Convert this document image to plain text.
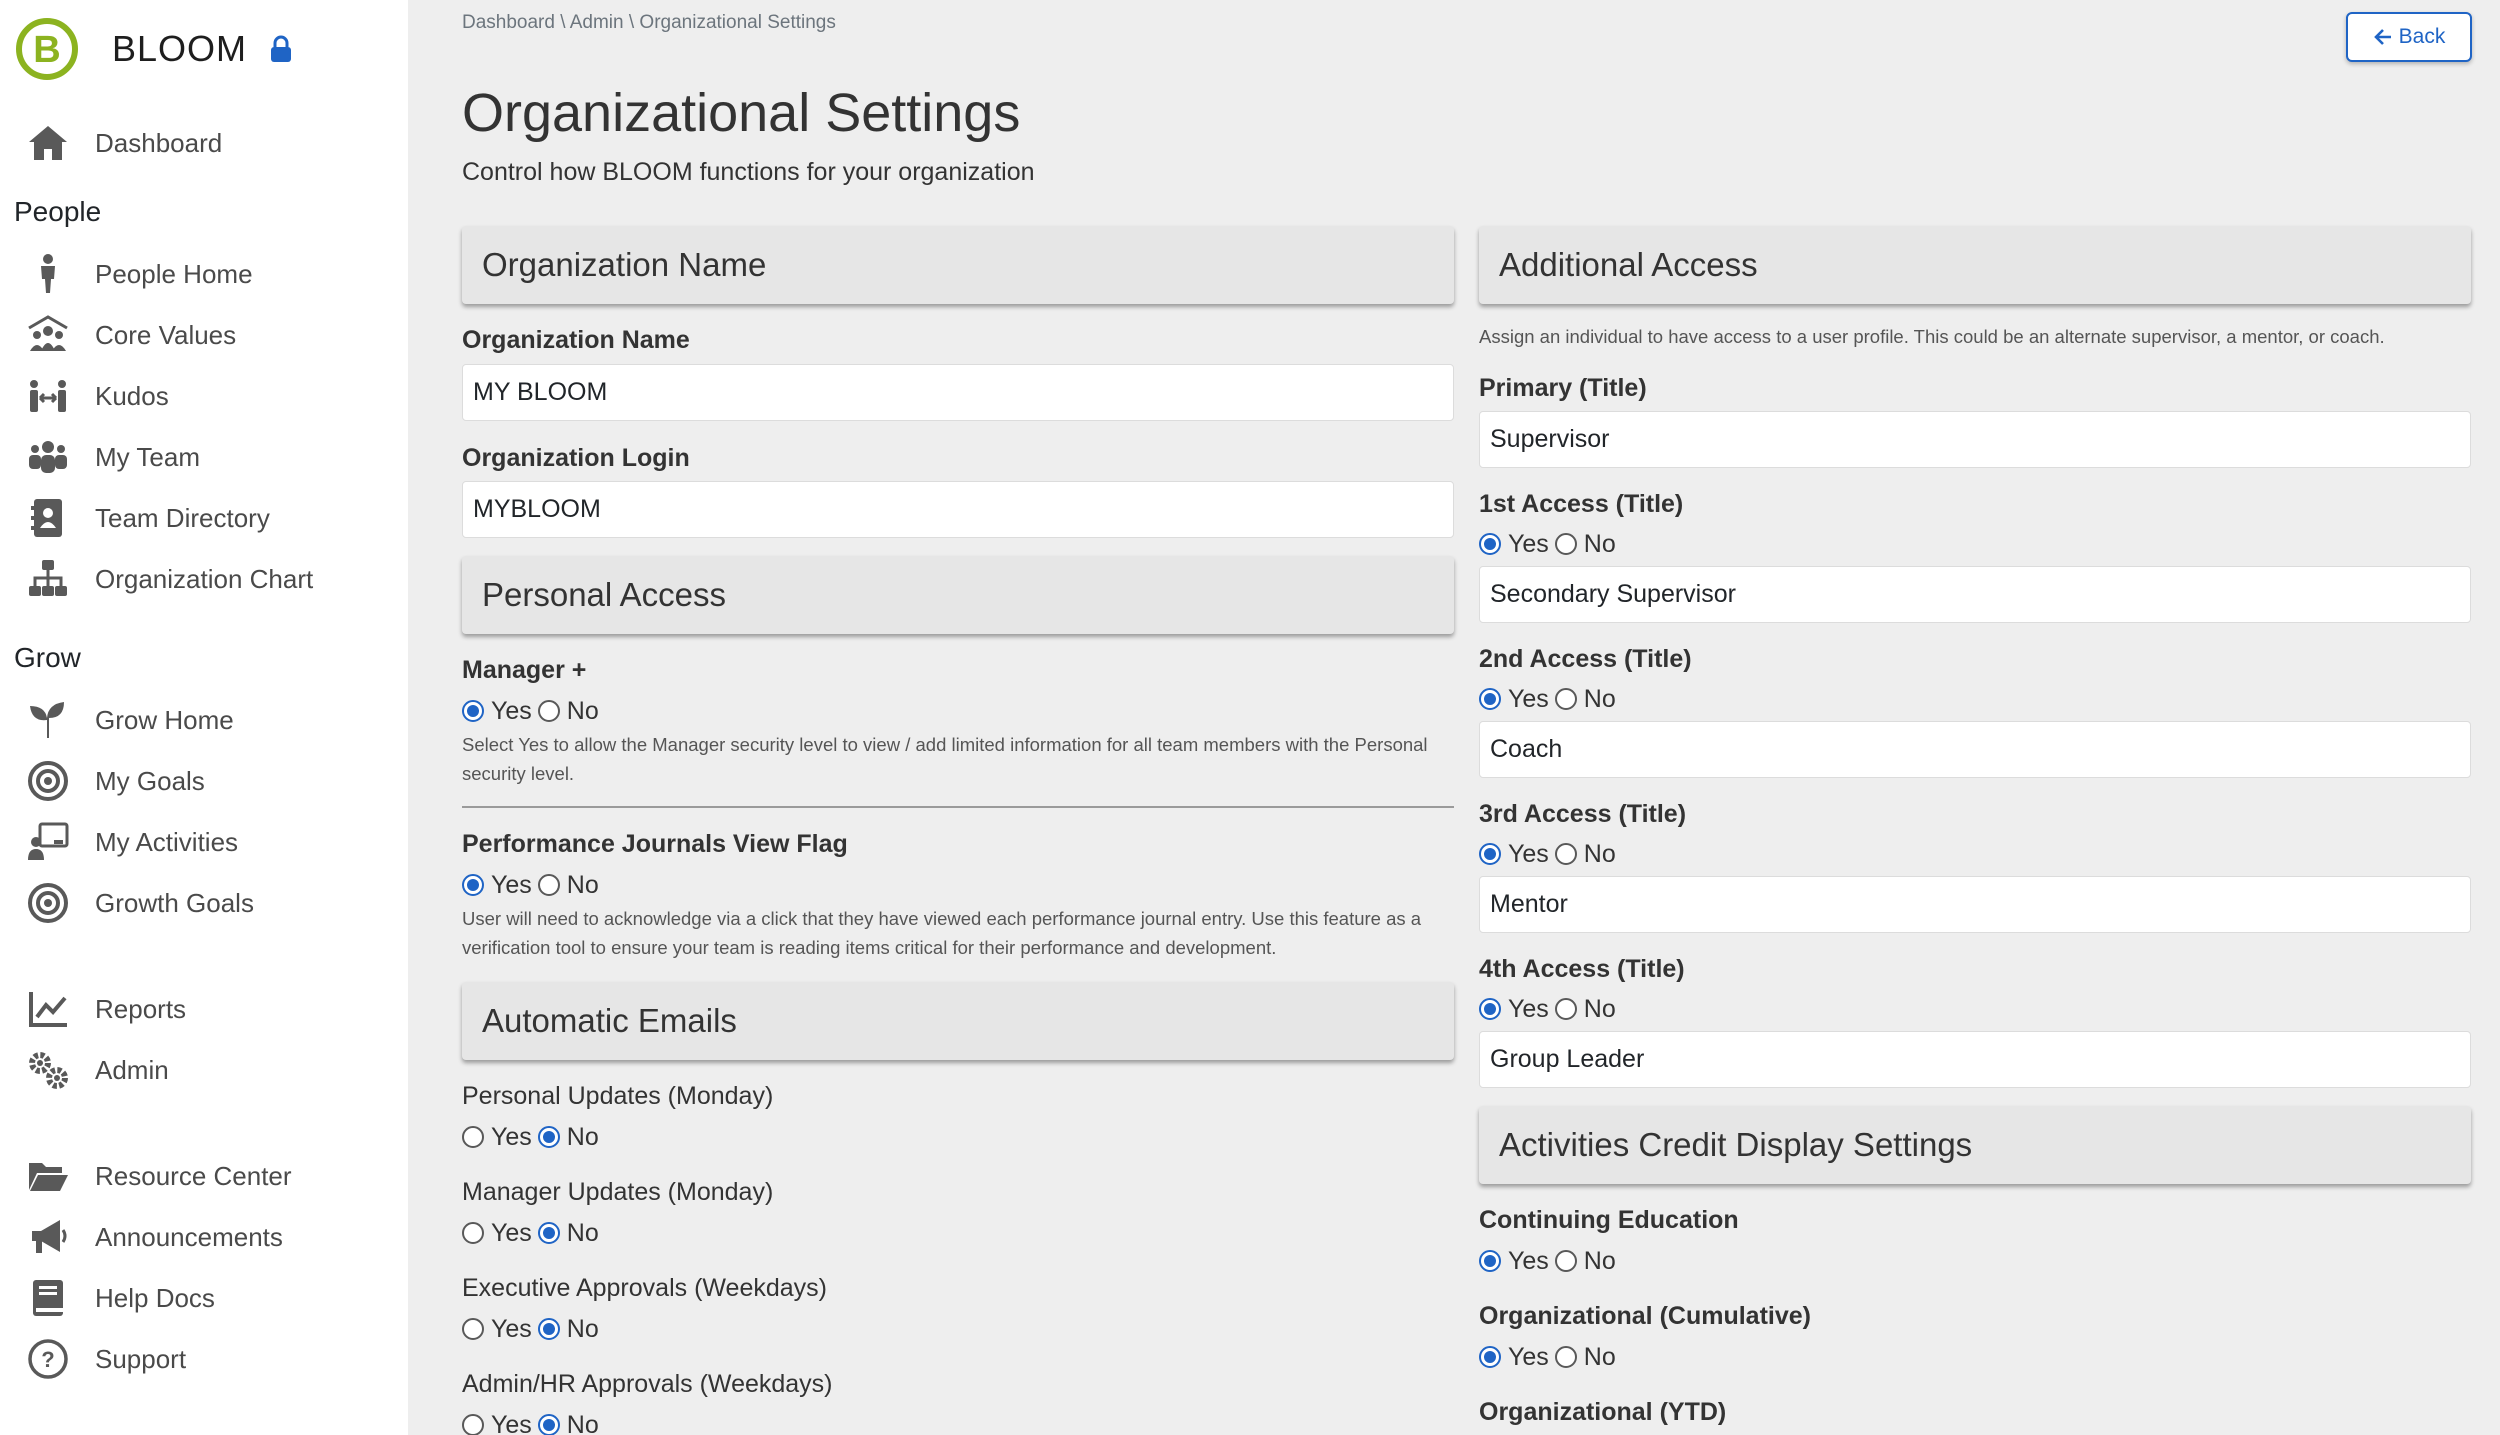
B BLOOM
Dashboard
People
People Home
Core Values
Kudos
My Team
Team Directory
Organization Chart
Grow
Grow Home
My Goals
My Activities
Growth Goals
Reports
Admin
Resource Center
Announcements
Help Docs
? Support
Dashboard \ Admin \ Organizational Settings
Back
Organizational Settings
Control how BLOOM functions for your organization
Organization Name
Organization Name
MY BLOOM
Organization Login
MYBLOOM
Personal Access
Manager +
Yes No
Select Yes to allow the Manager security level to view / add limited information for all team members with the Personal security level.
Performance Journals View Flag
Yes No
User will need to acknowledge via a click that they have viewed each performance journal entry. Use this feature as a verification tool to ensure your team is reading items critical for their performance and development.
Automatic Emails
Personal Updates (Monday)
Yes No
Manager Updates (Monday)
Yes No
Executive Approvals (Weekdays)
Yes No
Admin/HR Approvals (Weekdays)
Yes No
Additional Access
Assign an individual to have access to a user profile. This could be an alternate supervisor, a mentor, or coach.
Primary (Title)
Supervisor
1st Access (Title)
Yes No
Secondary Supervisor
2nd Access (Title)
Yes No
Coach
3rd Access (Title)
Yes No
Mentor
4th Access (Title)
Yes No
Group Leader
Activities Credit Display Settings
Continuing Education
Yes No
Organizational (Cumulative)
Yes No
Organizational (YTD)
